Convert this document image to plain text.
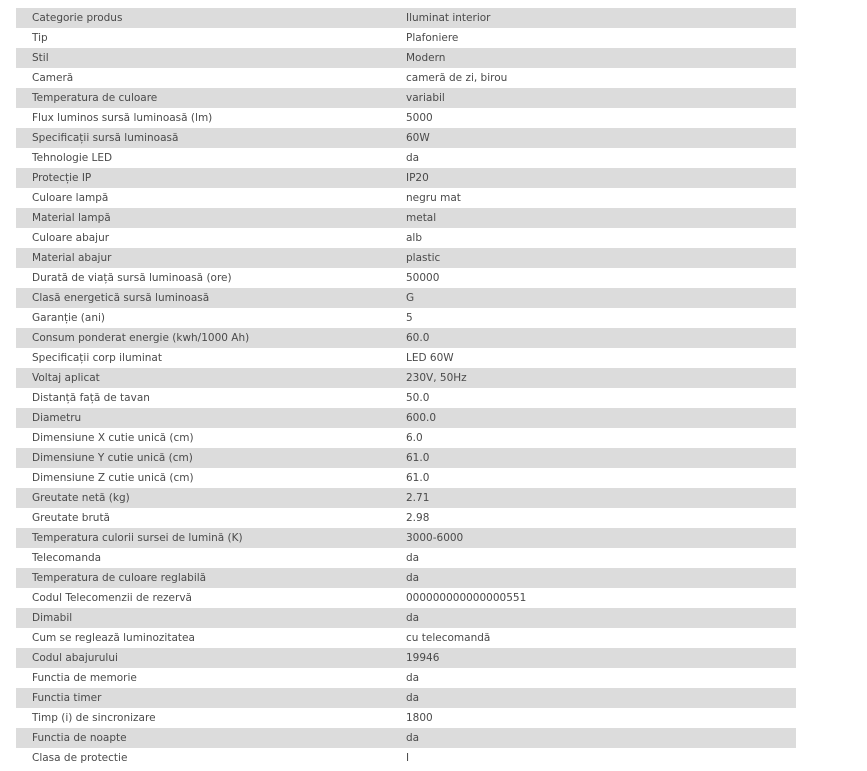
Categorie produs	Iluminat interior
Tip	Plafoniere
Stil	Modern
Cameră	cameră de zi, birou
Temperatura de culoare	variabil
Flux luminos sursă luminoasă (lm)	5000
Specificații sursă luminoasă	60W
Tehnologie LED	da
Protecție IP	IP20
Culoare lampă	negru mat
Material lampă	metal
Culoare abajur	alb
Material abajur	plastic
Durată de viață sursă luminoasă (ore)	50000
Clasă energetică sursă luminoasă	G
Garanție (ani)	5
Consum ponderat energie (kwh/1000 Ah)	60.0
Specificații corp iluminat	LED 60W
Voltaj aplicat	230V, 50Hz
Distanță față de tavan	50.0
Diametru	600.0
Dimensiune X cutie unică (cm)	6.0
Dimensiune Y cutie unică (cm)	61.0
Dimensiune Z cutie unică (cm)	61.0
Greutate netă (kg)	2.71
Greutate brută	2.98
Temperatura culorii sursei de lumină (K)	3000-6000
Telecomanda	da
Temperatura de culoare reglabilă	da
Codul Telecomenzii de rezervă	000000000000000551
Dimabil	da
Cum se reglează luminozitatea	cu telecomandă
Codul abajurului	19946
Functia de memorie	da
Functia timer	da
Timp (i) de sincronizare	1800
Functia de noapte	da
Clasa de protectie	I
